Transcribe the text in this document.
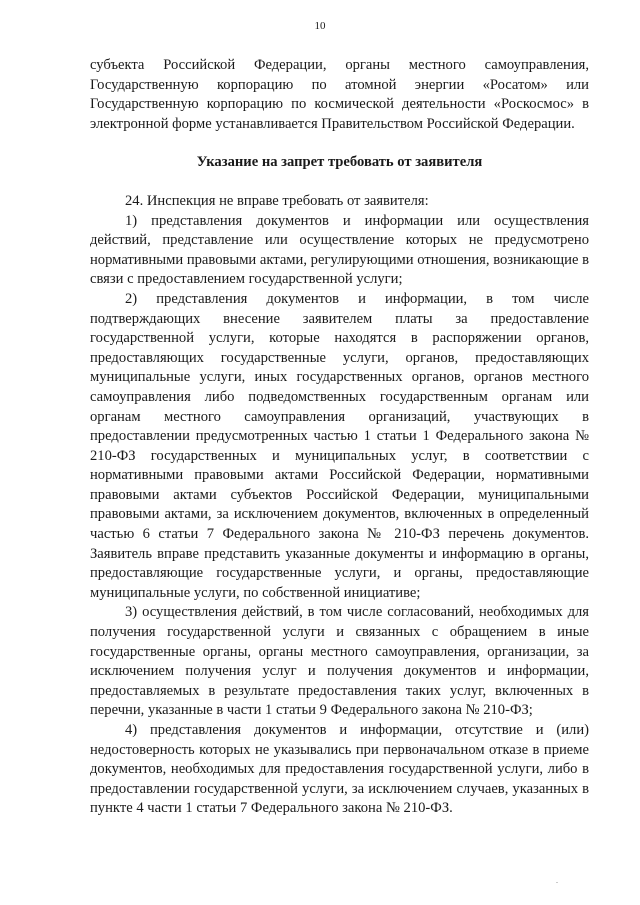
10

субъекта Российской Федерации, органы местного самоуправления, Государственную корпорацию по атомной энергии «Росатом» или Государственную корпорацию по космической деятельности «Роскосмос» в электронной форме устанавливается Правительством Российской Федерации.

Указание на запрет требовать от заявителя

24. Инспекция не вправе требовать от заявителя:

1) представления документов и информации или осуществления действий, представление или осуществление которых не предусмотрено нормативными правовыми актами, регулирующими отношения, возникающие в связи с предоставлением государственной услуги;

2) представления документов и информации, в том числе подтверждающих внесение заявителем платы за предоставление государственной услуги, которые находятся в распоряжении органов, предоставляющих государственные услуги, органов, предоставляющих муниципальные услуги, иных государственных органов, органов местного самоуправления либо подведомственных государственным органам или органам местного самоуправления организаций, участвующих в предоставлении предусмотренных частью 1 статьи 1 Федерального закона № 210-ФЗ государственных и муниципальных услуг, в соответствии с нормативными правовыми актами Российской Федерации, нормативными правовыми актами субъектов Российской Федерации, муниципальными правовыми актами, за исключением документов, включенных в определенный частью 6 статьи 7 Федерального закона № 210-ФЗ перечень документов. Заявитель вправе представить указанные документы и информацию в органы, предоставляющие государственные услуги, и органы, предоставляющие муниципальные услуги, по собственной инициативе;

3) осуществления действий, в том числе согласований, необходимых для получения государственной услуги и связанных с обращением в иные государственные органы, органы местного самоуправления, организации, за исключением получения услуг и получения документов и информации, предоставляемых в результате предоставления таких услуг, включенных в перечни, указанные в части 1 статьи 9 Федерального закона № 210-ФЗ;

4) представления документов и информации, отсутствие и (или) недостоверность которых не указывались при первоначальном отказе в приеме документов, необходимых для предоставления государственной услуги, либо в предоставлении государственной услуги, за исключением случаев, указанных в пункте 4 части 1 статьи 7 Федерального закона № 210-ФЗ.

.
